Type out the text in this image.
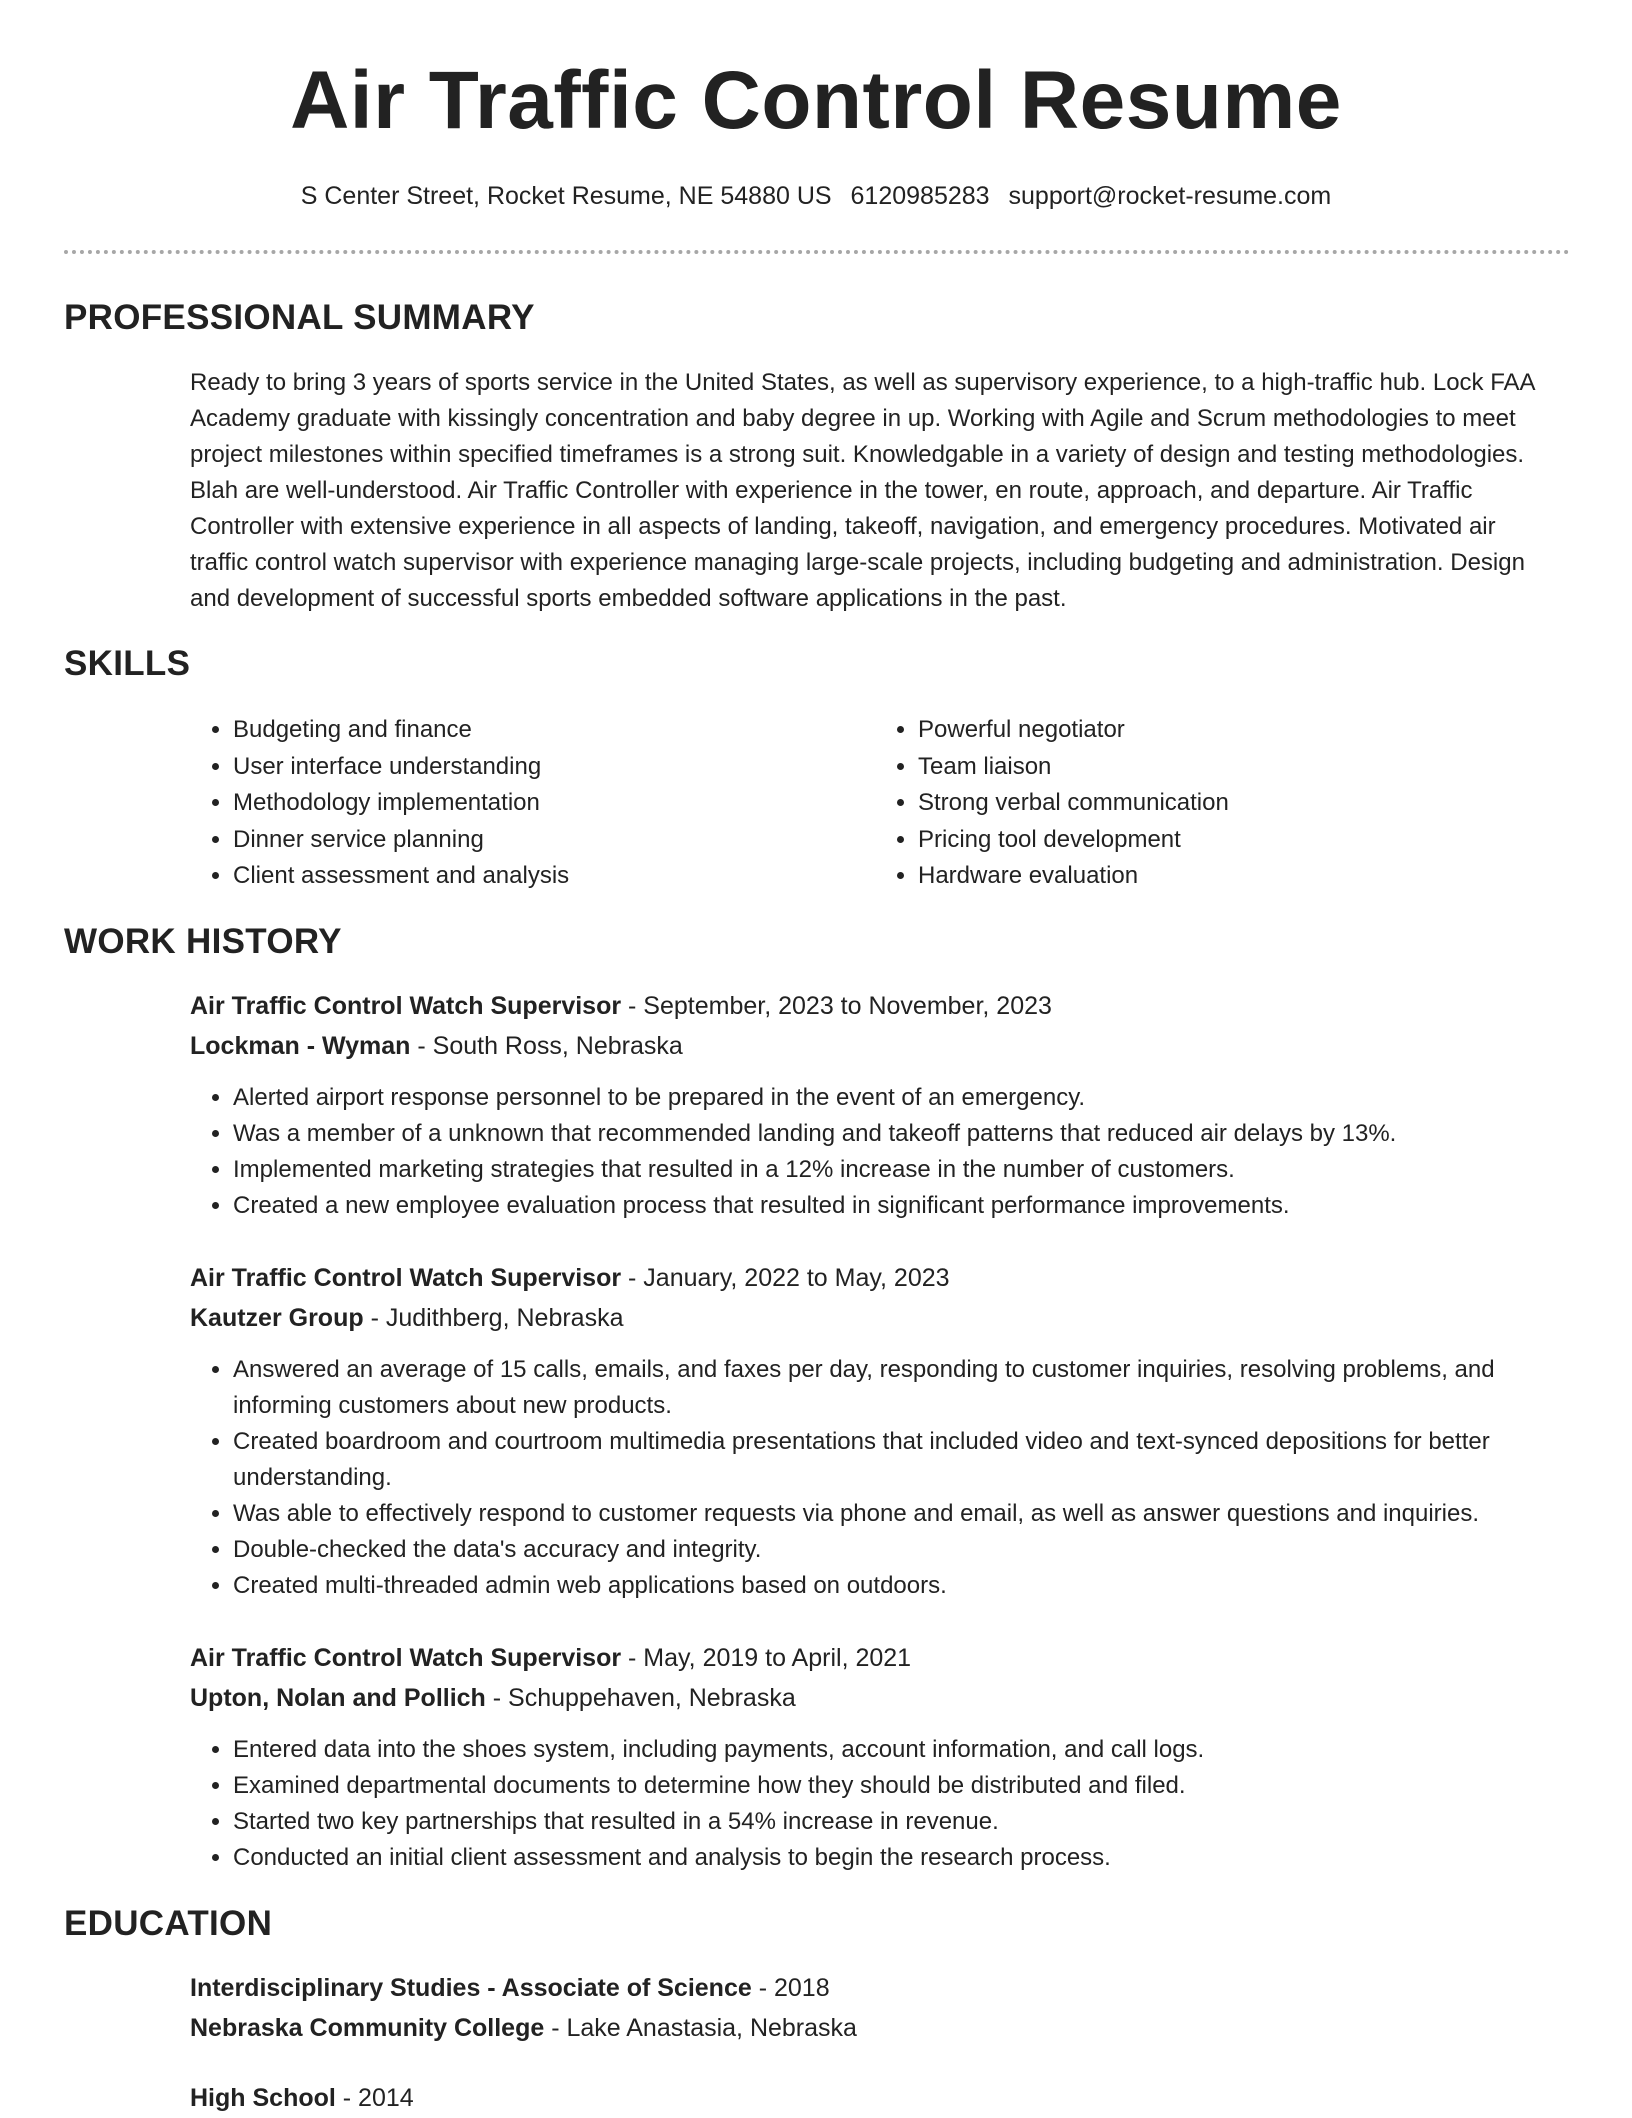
Air Traffic Control Resume
S Center Street, Rocket Resume, NE 54880 US 6120985283 support@rocket-resume.com
PROFESSIONAL SUMMARY
Ready to bring 3 years of sports service in the United States, as well as supervisory experience, to a high-traffic hub. Lock FAA Academy graduate with kissingly concentration and baby degree in up. Working with Agile and Scrum methodologies to meet project milestones within specified timeframes is a strong suit. Knowledgable in a variety of design and testing methodologies. Blah are well-understood. Air Traffic Controller with experience in the tower, en route, approach, and departure. Air Traffic Controller with extensive experience in all aspects of landing, takeoff, navigation, and emergency procedures. Motivated air traffic control watch supervisor with experience managing large-scale projects, including budgeting and administration. Design and development of successful sports embedded software applications in the past.
SKILLS
• Budgeting and finance
• User interface understanding
• Methodology implementation
• Dinner service planning
• Client assessment and analysis
• Powerful negotiator
• Team liaison
• Strong verbal communication
• Pricing tool development
• Hardware evaluation
WORK HISTORY
Air Traffic Control Watch Supervisor - September, 2023 to November, 2023
Lockman - Wyman - South Ross, Nebraska
• Alerted airport response personnel to be prepared in the event of an emergency.
• Was a member of a unknown that recommended landing and takeoff patterns that reduced air delays by 13%.
• Implemented marketing strategies that resulted in a 12% increase in the number of customers.
• Created a new employee evaluation process that resulted in significant performance improvements.
Air Traffic Control Watch Supervisor - January, 2022 to May, 2023
Kautzer Group - Judithberg, Nebraska
• Answered an average of 15 calls, emails, and faxes per day, responding to customer inquiries, resolving problems, and informing customers about new products.
• Created boardroom and courtroom multimedia presentations that included video and text-synced depositions for better understanding.
• Was able to effectively respond to customer requests via phone and email, as well as answer questions and inquiries.
• Double-checked the data's accuracy and integrity.
• Created multi-threaded admin web applications based on outdoors.
Air Traffic Control Watch Supervisor - May, 2019 to April, 2021
Upton, Nolan and Pollich - Schuppehaven, Nebraska
• Entered data into the shoes system, including payments, account information, and call logs.
• Examined departmental documents to determine how they should be distributed and filed.
• Started two key partnerships that resulted in a 54% increase in revenue.
• Conducted an initial client assessment and analysis to begin the research process.
EDUCATION
Interdisciplinary Studies - Associate of Science - 2018
Nebraska Community College - Lake Anastasia, Nebraska
High School - 2014
